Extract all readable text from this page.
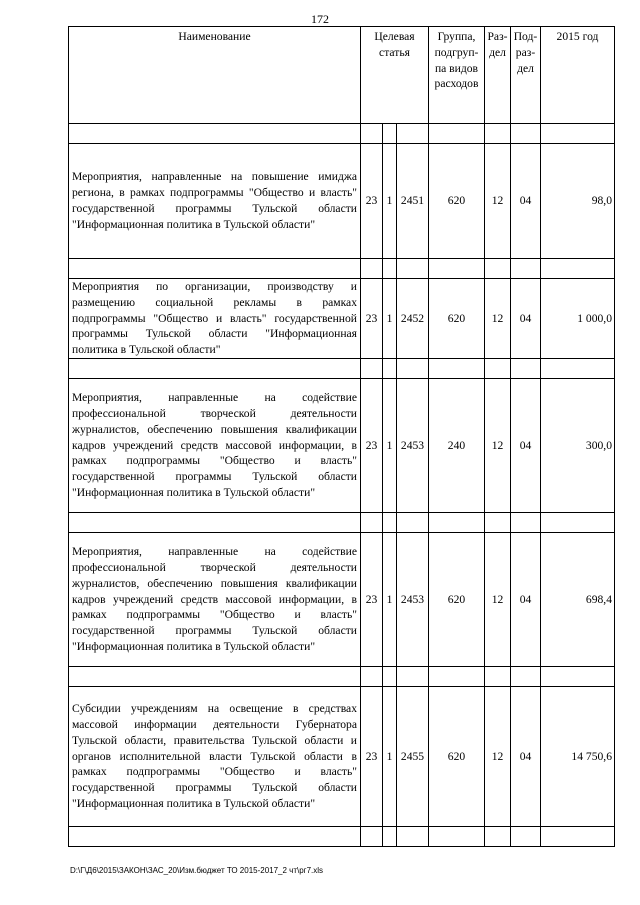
172
Наименование	Целевая статья			Группа, подгруп-па видов расходов	Раз-дел	Под-раз-дел	2015 год

Мероприятия, направленные на повышение имиджа региона, в рамках подпрограммы "Общество и власть" государственной программы Тульской области "Информационная политика в Тульской области"	23	1	2451	620	12	04	98,0

Мероприятия по организации, производству и размещению социальной рекламы в рамках подпрограммы "Общество и власть" государственной программы Тульской области "Информационная политика в Тульской области"	23	1	2452	620	12	04	1 000,0

Мероприятия, направленные на содействие профессиональной творческой деятельности журналистов, обеспечению повышения квалификации кадров учреждений средств массовой информации, в рамках подпрограммы "Общество и власть" государственной программы Тульской области "Информационная политика в Тульской области"	23	1	2453	240	12	04	300,0

Мероприятия, направленные на содействие профессиональной творческой деятельности журналистов, обеспечению повышения квалификации кадров учреждений средств массовой информации, в рамках подпрограммы "Общество и власть" государственной программы Тульской области "Информационная политика в Тульской области"	23	1	2453	620	12	04	698,4

Субсидии учреждениям на освещение в средствах массовой информации деятельности Губернатора Тульской области, правительства Тульской области и органов исполнительной власти Тульской области в рамках подпрограммы "Общество и власть" государственной программы Тульской области "Информационная политика в Тульской области"	23	1	2455	620	12	04	14 750,6

D:\Г\Д6\2015\ЗАКОН\ЗАС_20\Изм.бюджет ТО 2015-2017_2 чт\рг7.xls
